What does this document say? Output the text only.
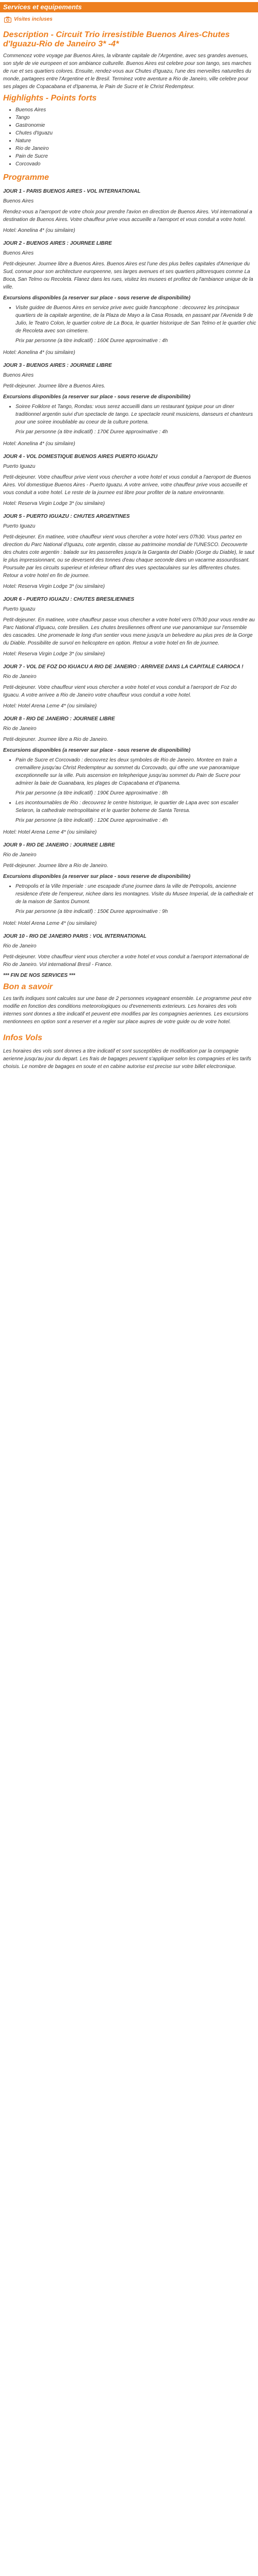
Services et equipements
Visites incluses
Description - Circuit Trio irresistible Buenos Aires-Chutes d'Iguazu-Rio de Janeiro 3* -4*
Commencez votre voyage par Buenos Aires, la vibrante capitale de l'Argentine, avec ses grandes avenues, son style de vie europeen et son ambiance culturelle. Buenos Aires est celebre pour son tango, ses marches de rue et ses quartiers colores. Ensuite, rendez-vous aux Chutes d'Iguazu, l'une des merveilles naturelles du monde, partagees entre l'Argentine et le Bresil. Terminez votre aventure a Rio de Janeiro, ville celebre pour ses plages de Copacabana et d'Ipanema, le Pain de Sucre et le Christ Redempteur.
Highlights - Points forts
• Buenos Aires
• Tango
• Gastronomie
• Chutes d'Iguazu
• Nature
• Rio de Janeiro
• Pain de Sucre
• Corcovado
Programme
JOUR 1 - PARIS BUENOS AIRES - VOL INTERNATIONAL
Buenos Aires
Rendez-vous a l'aeroport de votre choix pour prendre l'avion en direction de Buenos Aires. Vol international a destination de Buenos Aires. Votre chauffeur prive vous accueille a l'aeroport et vous conduit a votre hotel.
Hotel: Aonelina 4* (ou similaire)
JOUR 2 - BUENOS AIRES : JOURNEE LIBRE
Buenos Aires
Petit-dejeuner. Journee libre a Buenos Aires. Buenos Aires est l'une des plus belles capitales d'Amerique du Sud, connue pour son architecture europeenne, ses larges avenues et ses quartiers pittoresques comme La Boca, San Telmo ou Recoleta. Flanez dans les rues, visitez les musees et profitez de l'ambiance unique de la ville.
Excursions disponibles (a reserver sur place - sous reserve de disponibilite)
• Visite guidee de Buenos Aires en service prive avec guide francophone : decouvrez les principaux quartiers de la capitale argentine, de la Plaza de Mayo a la Casa Rosada, en passant par l'Avenida 9 de Julio, le Teatro Colon, le quartier colore de La Boca, le quartier historique de San Telmo et le quartier chic de Recoleta avec son cimetiere.
Prix par personne (a titre indicatif) : 160€ Duree approximative : 4h
Hotel: Aonelina 4* (ou similaire)
JOUR 3 - BUENOS AIRES : JOURNEE LIBRE
Buenos Aires
Petit-dejeuner. Journee libre a Buenos Aires.
Excursions disponibles (a reserver sur place - sous reserve de disponibilite)
• Soiree Folklore et Tango, Rondas: vous serez accueilli dans un restaurant typique pour un diner traditionnel argentin suivi d'un spectacle de tango. Le spectacle reunit musiciens, danseurs et chanteurs pour une soiree inoubliable au coeur de la culture portena.
Prix par personne (a titre indicatif) : 170€ Duree approximative : 4h
Hotel: Aonelina 4* (ou similaire)
JOUR 4 - VOL DOMESTIQUE BUENOS AIRES PUERTO IGUAZU
Puerto Iguazu
Petit-dejeuner. Votre chauffeur prive vient vous chercher a votre hotel et vous conduit a l'aeroport de Buenos Aires. Vol domestique Buenos Aires - Puerto Iguazu. A votre arrivee, votre chauffeur prive vous accueille et vous conduit a votre hotel. Le reste de la journee est libre pour profiter de la nature environnante.
Hotel: Reserva Virgin Lodge 3* (ou similaire)
JOUR 5 - PUERTO IGUAZU : CHUTES ARGENTINES
Puerto Iguazu
Petit-dejeuner. En matinee, votre chauffeur vient vous chercher a votre hotel vers 07h30. Vous partez en direction du Parc National d'Iguazu, cote argentin, classe au patrimoine mondial de l'UNESCO. Decouverte des chutes cote argentin : balade sur les passerelles jusqu'a la Garganta del Diablo (Gorge du Diable), le saut le plus impressionnant, ou se deversent des tonnes d'eau chaque seconde dans un vacarme assourdissant. Poursuite par les circuits superieur et inferieur offrant des vues spectaculaires sur les differentes chutes. Retour a votre hotel en fin de journee.
Hotel: Reserva Virgin Lodge 3* (ou similaire)
JOUR 6 - PUERTO IGUAZU : CHUTES BRESILIENNES
Puerto Iguazu
Petit-dejeuner. En matinee, votre chauffeur passe vous chercher a votre hotel vers 07h30 pour vous rendre au Parc National d'Iguacu, cote bresilien. Les chutes bresiliennes offrent une vue panoramique sur l'ensemble des cascades. Une promenade le long d'un sentier vous mene jusqu'a un belvedere au plus pres de la Gorge du Diable. Possibilite de survol en helicoptere en option. Retour a votre hotel en fin de journee.
Hotel: Reserva Virgin Lodge 3* (ou similaire)
JOUR 7 - VOL DE FOZ DO IGUACU A RIO DE JANEIRO : ARRIVEE DANS LA CAPITALE CARIOCA !
Rio de Janeiro
Petit-dejeuner. Votre chauffeur vient vous chercher a votre hotel et vous conduit a l'aeroport de Foz do Iguacu. A votre arrivee a Rio de Janeiro votre chauffeur vous conduit a votre hotel.
Hotel: Hotel Arena Leme 4* (ou similaire)
JOUR 8 - RIO DE JANEIRO : JOURNEE LIBRE
Rio de Janeiro
Petit-dejeuner. Journee libre a Rio de Janeiro.
Excursions disponibles (a reserver sur place - sous reserve de disponibilite)
• Pain de Sucre et Corcovado : decouvrez les deux symboles de Rio de Janeiro. Montee en train a cremaillere jusqu'au Christ Redempteur au sommet du Corcovado, qui offre une vue panoramique exceptionnelle sur la ville. Puis ascension en telepherique jusqu'au sommet du Pain de Sucre pour admirer la baie de Guanabara, les plages de Copacabana et d'Ipanema.
Prix par personne (a titre indicatif) : 190€ Duree approximative : 8h
• Les incontournables de Rio : decouvrez le centre historique, le quartier de Lapa avec son escalier Selaron, la cathedrale metropolitaine et le quartier boheme de Santa Teresa.
Prix par personne (a titre indicatif) : 120€ Duree approximative : 4h
Hotel: Hotel Arena Leme 4* (ou similaire)
JOUR 9 - RIO DE JANEIRO : JOURNEE LIBRE
Rio de Janeiro
Petit-dejeuner. Journee libre a Rio de Janeiro.
Excursions disponibles (a reserver sur place - sous reserve de disponibilite)
• Petropolis et la Ville Imperiale : une escapade d'une journee dans la ville de Petropolis, ancienne residence d'ete de l'empereur, nichee dans les montagnes. Visite du Musee Imperial, de la cathedrale et de la maison de Santos Dumont.
Prix par personne (a titre indicatif) : 150€ Duree approximative : 9h
Hotel: Hotel Arena Leme 4* (ou similaire)
JOUR 10 - RIO DE JANEIRO PARIS : VOL INTERNATIONAL
Rio de Janeiro
Petit-dejeuner. Votre chauffeur vient vous chercher a votre hotel et vous conduit a l'aeroport international de Rio de Janeiro. Vol international Bresil - France.
*** FIN DE NOS SERVICES ***
Bon a savoir
Les tarifs indiques sont calcules sur une base de 2 personnes voyageant ensemble. Le programme peut etre modifie en fonction des conditions meteorologiques ou d'evenements exterieurs. Les horaires des vols internes sont donnes a titre indicatif et peuvent etre modifies par les compagnies aeriennes. Les excursions mentionnees en option sont a reserver et a regler sur place aupres de votre guide ou de votre hotel.
Infos Vols
Les horaires des vols sont donnes a titre indicatif et sont susceptibles de modification par la compagnie aerienne jusqu'au jour du depart. Les frais de bagages peuvent s'appliquer selon les compagnies et les tarifs choisis. Le nombre de bagages en soute et en cabine autorise est precise sur votre billet electronique.
